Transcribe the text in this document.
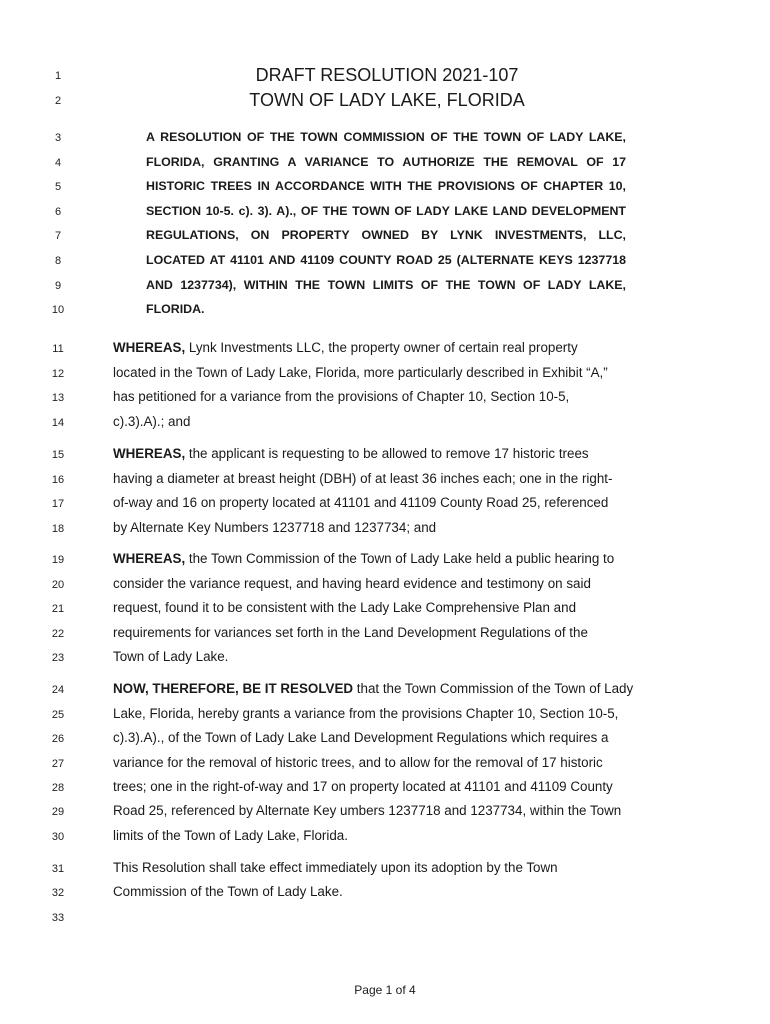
1
2
3
4
5
6
7
8
9
10
11
12
13
14
15
16
17
18
19
20
21
22
23
24
25
26
27
28
29
30
31
32
33
DRAFT RESOLUTION 2021-107
TOWN OF LADY LAKE, FLORIDA
A RESOLUTION OF THE TOWN COMMISSION OF THE TOWN OF LADY LAKE,
FLORIDA, GRANTING A VARIANCE TO AUTHORIZE THE REMOVAL OF 17
HISTORIC TREES IN ACCORDANCE WITH THE PROVISIONS OF CHAPTER 10,
SECTION 10-5. c). 3). A)., OF THE TOWN OF LADY LAKE LAND DEVELOPMENT
REGULATIONS, ON PROPERTY OWNED BY LYNK INVESTMENTS, LLC,
LOCATED AT 41101 AND 41109 COUNTY ROAD 25 (ALTERNATE KEYS 1237718
AND 1237734), WITHIN THE TOWN LIMITS OF THE TOWN OF LADY LAKE,
FLORIDA.
WHEREAS, Lynk Investments LLC, the property owner of certain real property
located in the Town of Lady Lake, Florida, more particularly described in Exhibit “A,”
has petitioned for a variance from the provisions of Chapter 10, Section 10-5,
c).3).A).; and
WHEREAS, the applicant is requesting to be allowed to remove 17 historic trees
having a diameter at breast height (DBH) of at least 36 inches each; one in the right-
of-way and 16 on property located at 41101 and 41109 County Road 25, referenced
by Alternate Key Numbers 1237718 and 1237734; and
WHEREAS, the Town Commission of the Town of Lady Lake held a public hearing to
consider the variance request, and having heard evidence and testimony on said
request, found it to be consistent with the Lady Lake Comprehensive Plan and
requirements for variances set forth in the Land Development Regulations of the
Town of Lady Lake.
NOW, THEREFORE, BE IT RESOLVED that the Town Commission of the Town of Lady
Lake, Florida, hereby grants a variance from the provisions Chapter 10, Section 10-5,
c).3).A)., of the Town of Lady Lake Land Development Regulations which requires a
variance for the removal of historic trees, and to allow for the removal of 17 historic
trees; one in the right-of-way and 17 on property located at 41101 and 41109 County
Road 25, referenced by Alternate Key umbers 1237718 and 1237734, within the Town
limits of the Town of Lady Lake, Florida.
This Resolution shall take effect immediately upon its adoption by the Town
Commission of the Town of Lady Lake.
Page 1 of 4
